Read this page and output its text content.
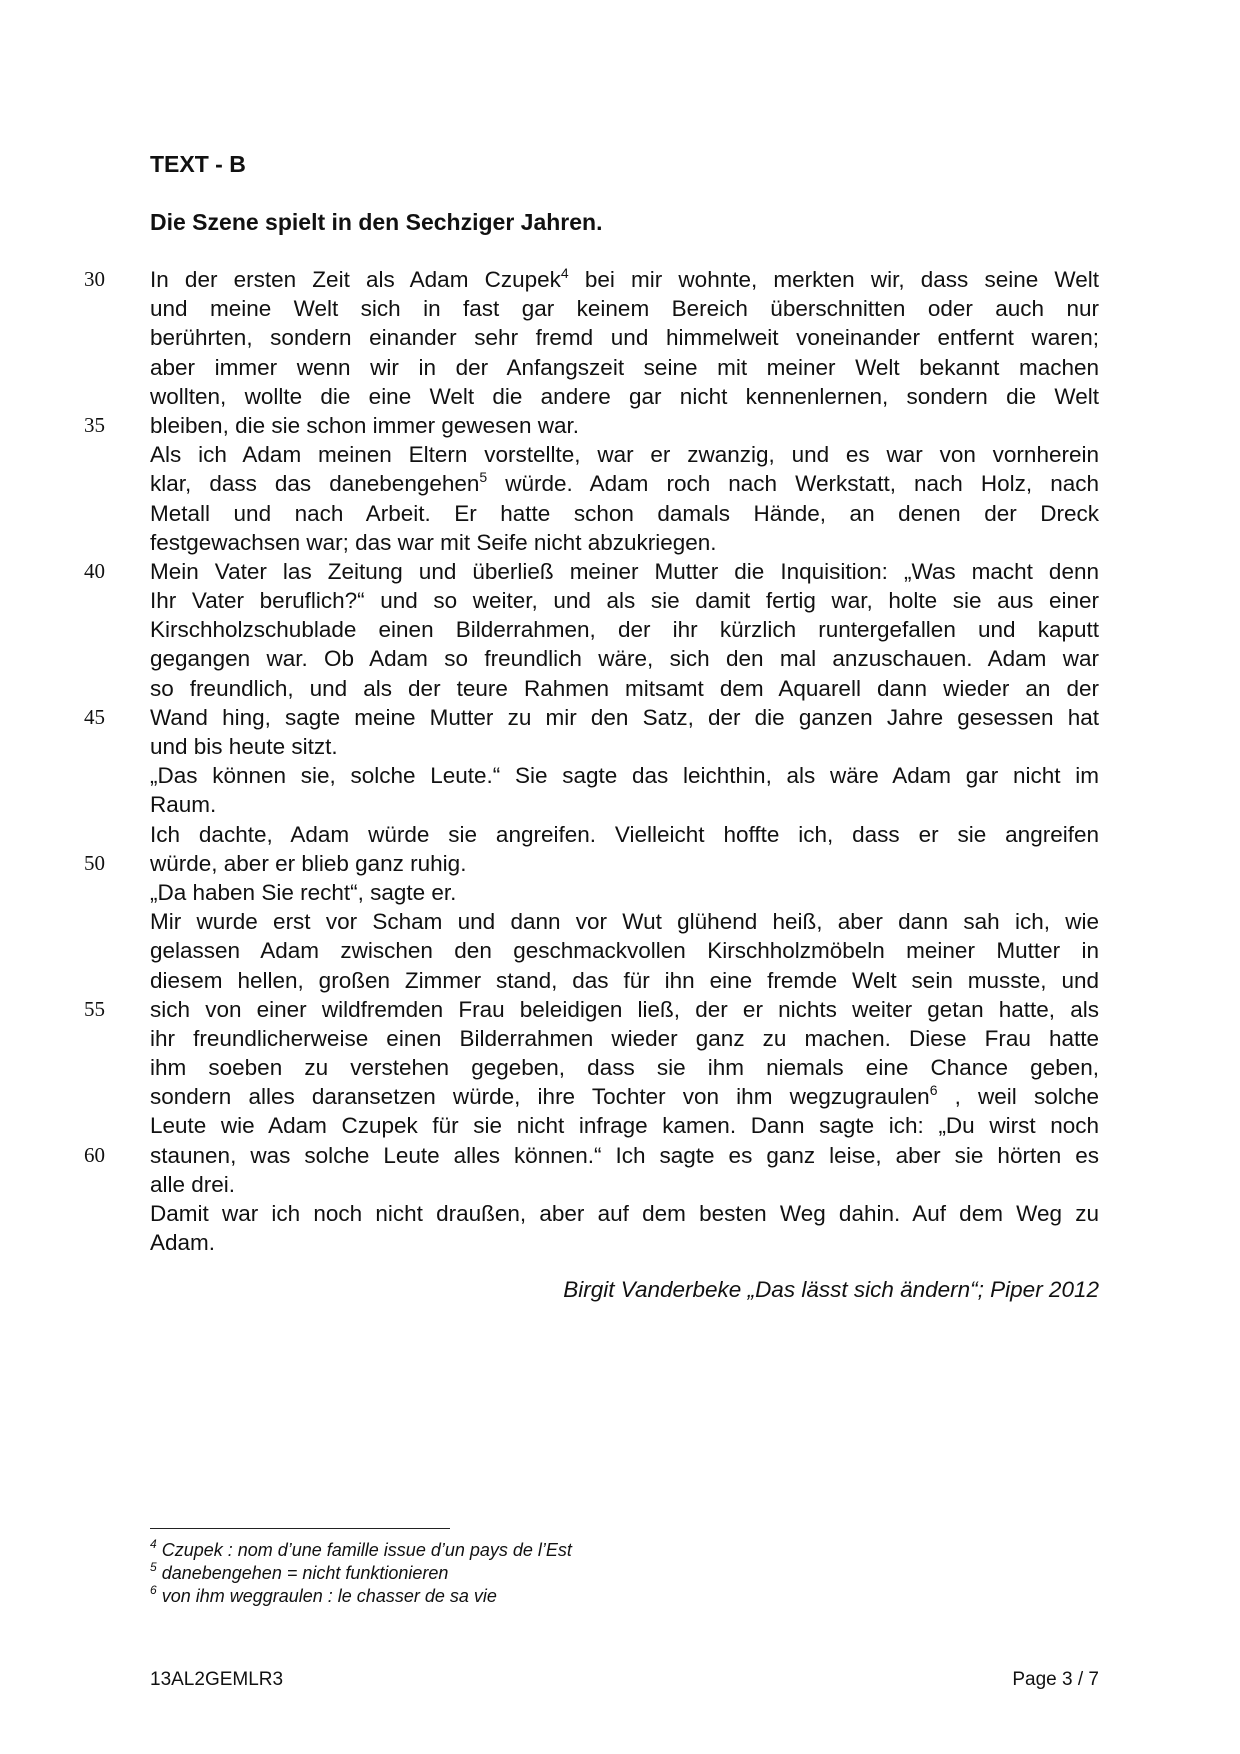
TEXT - B
Die Szene spielt in den Sechziger Jahren.
30	In der ersten Zeit als Adam Czupek$^4$ bei mir wohnte, merkten wir, dass seine Welt
und meine Welt sich in fast gar keinem Bereich überschnitten oder auch nur
berührten, sondern einander sehr fremd und himmelweit voneinander entfernt waren;
aber immer wenn wir in der Anfangszeit seine mit meiner Welt bekannt machen
wollten, wollte die eine Welt die andere gar nicht kennenlernen, sondern die Welt
35	bleiben, die sie schon immer gewesen war.
Als ich Adam meinen Eltern vorstellte, war er zwanzig, und es war von vornherein
klar, dass das danebengehen$^5$ würde. Adam roch nach Werkstatt, nach Holz, nach
Metall und nach Arbeit. Er hatte schon damals Hände, an denen der Dreck
festgewachsen war; das war mit Seife nicht abzukriegen.
40	Mein Vater las Zeitung und überließ meiner Mutter die Inquisition: „Was macht denn
Ihr Vater beruflich?“ und so weiter, und als sie damit fertig war, holte sie aus einer
Kirschholzschublade einen Bilderrahmen, der ihr kürzlich runtergefallen und kaputt
gegangen war. Ob Adam so freundlich wäre, sich den mal anzuschauen. Adam war
so freundlich, und als der teure Rahmen mitsamt dem Aquarell dann wieder an der
45	Wand hing, sagte meine Mutter zu mir den Satz, der die ganzen Jahre gesessen hat
und bis heute sitzt.
„Das können sie, solche Leute.“ Sie sagte das leichthin, als wäre Adam gar nicht im
Raum.
Ich dachte, Adam würde sie angreifen. Vielleicht hoffte ich, dass er sie angreifen
50	würde, aber er blieb ganz ruhig.
„Da haben Sie recht“, sagte er.
Mir wurde erst vor Scham und dann vor Wut glühend heiß, aber dann sah ich, wie
gelassen Adam zwischen den geschmackvollen Kirschholzmöbeln meiner Mutter in
diesem hellen, großen Zimmer stand, das für ihn eine fremde Welt sein musste, und
55	sich von einer wildfremden Frau beleidigen ließ, der er nichts weiter getan hatte, als
ihr freundlicherweise einen Bilderrahmen wieder ganz zu machen. Diese Frau hatte
ihm soeben zu verstehen gegeben, dass sie ihm niemals eine Chance geben,
sondern alles daransetzen würde, ihre Tochter von ihm wegzugraulen$^6$ , weil solche
Leute wie Adam Czupek für sie nicht infrage kamen. Dann sagte ich: „Du wirst noch
60	staunen, was solche Leute alles können.“ Ich sagte es ganz leise, aber sie hörten es
alle drei.
Damit war ich noch nicht draußen, aber auf dem besten Weg dahin. Auf dem Weg zu
Adam.
Birgit Vanderbeke „Das lässt sich ändern“; Piper 2012
$^4$ Czupek : nom d’une famille issue d’un pays de l’Est
$^5$ danebengehen = nicht funktionieren
$^6$ von ihm weggraulen : le chasser de sa vie
13AL2GEMLR3	Page 3 / 7
